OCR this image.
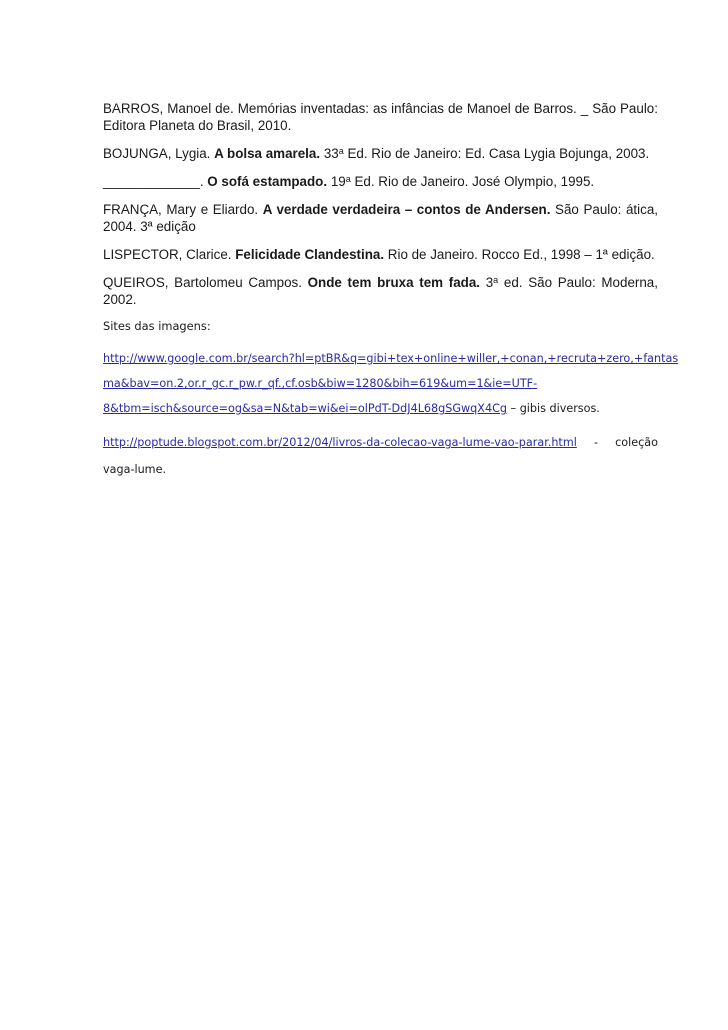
BARROS, Manoel de. Memórias inventadas: as infâncias de Manoel de Barros. _ São Paulo: Editora Planeta do Brasil, 2010.

BOJUNGA, Lygia. A bolsa amarela. 33$^a$ Ed. Rio de Janeiro: Ed. Casa Lygia Bojunga, 2003.

_____________. O sofá estampado. 19$^a$ Ed. Rio de Janeiro. José Olympio, 1995.

FRANÇA, Mary e Eliardo. A verdade verdadeira – contos de Andersen. São Paulo: ática, 2004. 3ª edição

LISPECTOR, Clarice. Felicidade Clandestina. Rio de Janeiro. Rocco Ed., 1998 – 1ª edição.

QUEIROS, Bartolomeu Campos. Onde tem bruxa tem fada. 3$^a$ ed. São Paulo: Moderna, 2002.

Sites das imagens:
http://www.google.com.br/search?hl=ptBR&q=gibi+tex+online+willer,+conan,+recruta+zero,+fantas
ma&bav=on.2,or.r_gc.r_pw.r_qf.,cf.osb&biw=1280&bih=619&um=1&ie=UTF-
8&tbm=isch&source=og&sa=N&tab=wi&ei=olPdT-DdJ4L68gSGwqX4Cg – gibis diversos.
http://poptude.blogspot.com.br/2012/04/livros-da-colecao-vaga-lume-vao-parar.html - coleção
vaga-lume.
